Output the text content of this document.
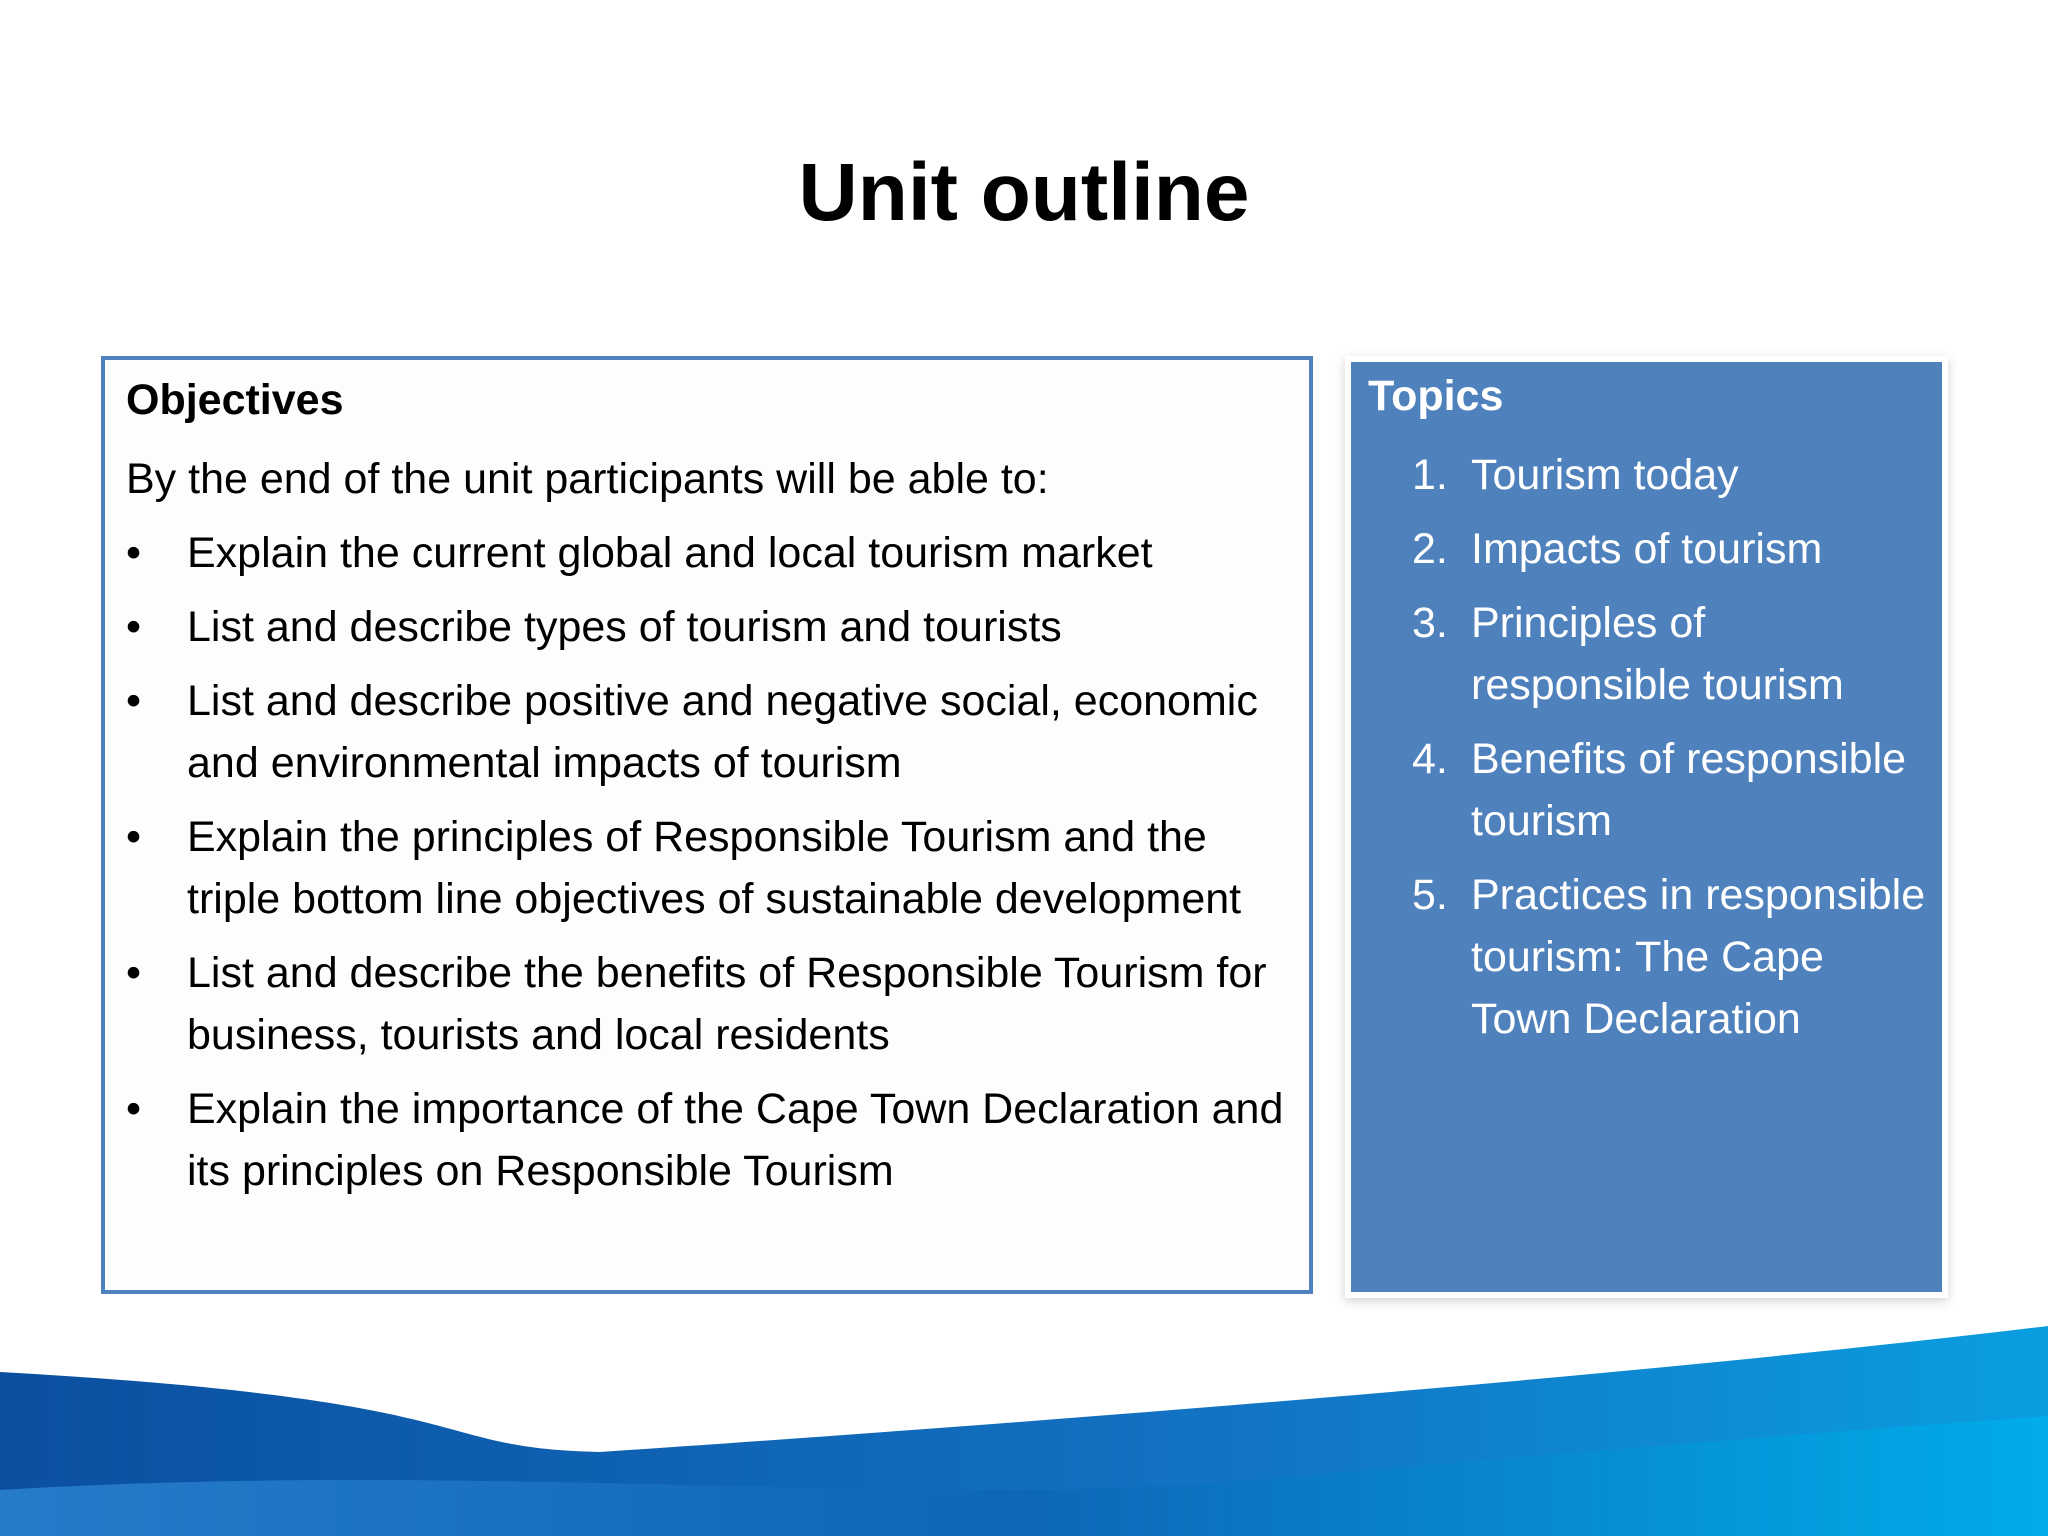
Unit outline

Objectives

By the end of the unit participants will be able to:

•	Explain the current global and local tourism market
•	List and describe types of tourism and tourists
•	List and describe positive and negative social, economic and environmental impacts of tourism
•	Explain the principles of Responsible Tourism and the triple bottom line objectives of sustainable development
•	List and describe the benefits of Responsible Tourism for business, tourists and local residents
•	Explain the importance of the Cape Town Declaration and its principles on Responsible Tourism

Topics

1. Tourism today
2. Impacts of tourism
3. Principles of responsible tourism
4. Benefits of responsible tourism
5. Practices in responsible tourism: The Cape Town Declaration
